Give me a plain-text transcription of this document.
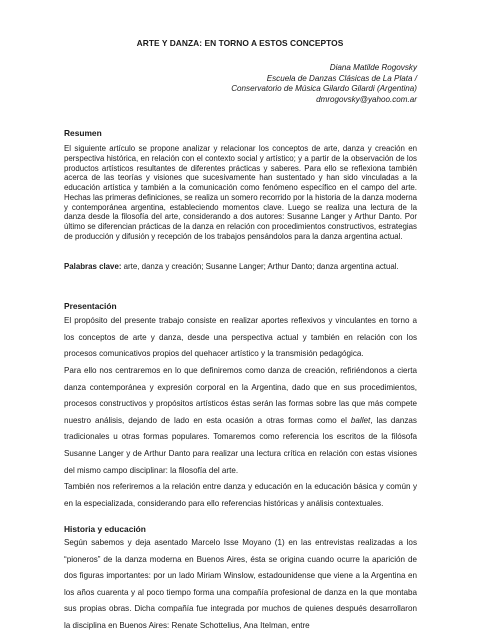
ARTE Y DANZA: EN TORNO A ESTOS CONCEPTOS
Diana Matilde Rogovsky
Escuela de Danzas Clásicas de La Plata /
Conservatorio de Música Gilardo Gilardi (Argentina)
dmrogovsky@yahoo.com.ar
Resumen

El siguiente artículo se propone analizar y relacionar los conceptos de arte, danza y creación en perspectiva histórica, en relación con el contexto social y artístico; y a partir de la observación de los productos artísticos resultantes de diferentes prácticas y saberes. Para ello se reflexiona también acerca de las teorías y visiones que sucesivamente han sustentado y han sido vinculadas a la educación artística y también a la comunicación como fenómeno específico en el campo del arte. Hechas las primeras definiciones, se realiza un somero recorrido por la historia de la danza moderna y contemporánea argentina, estableciendo momentos clave. Luego se realiza una lectura de la danza desde la filosofía del arte, considerando a dos autores: Susanne Langer y Arthur Danto. Por último se diferencian prácticas de la danza en relación con procedimientos constructivos, estrategias de producción y difusión y recepción de los trabajos pensándolos para la danza argentina actual.

Palabras clave: arte, danza y creación; Susanne Langer; Arthur Danto; danza argentina actual.
Presentación

El propósito del presente trabajo consiste en realizar aportes reflexivos y vinculantes en torno a los conceptos de arte y danza, desde una perspectiva actual y también en relación con los procesos comunicativos propios del quehacer artístico y la transmisión pedagógica.

Para ello nos centraremos en lo que definiremos como danza de creación, refiriéndonos a cierta danza contemporánea y expresión corporal en la Argentina, dado que en sus procedimientos, procesos constructivos y propósitos artísticos éstas serán las formas sobre las que más compete nuestro análisis, dejando de lado en esta ocasión a otras formas como el ballet, las danzas tradicionales u otras formas populares. Tomaremos como referencia los escritos de la filósofa Susanne Langer y de Arthur Danto para realizar una lectura crítica en relación con estas visiones del mismo campo disciplinar: la filosofía del arte.

También nos referiremos a la relación entre danza y educación en la educación básica y común y en la especializada, considerando para ello referencias históricas y análisis contextuales.

Historia y educación

Según sabemos y deja asentado Marcelo Isse Moyano (1) en las entrevistas realizadas a los “pioneros” de la danza moderna en Buenos Aires, ésta se origina cuando ocurre la aparición de dos figuras importantes: por un lado Miriam Winslow, estadounidense que viene a la Argentina en los años cuarenta y al poco tiempo forma una compañía profesional de danza en la que montaba sus propias obras. Dicha compañía fue integrada por muchos de quienes después desarrollaron la disciplina en Buenos Aires: Renate Schottelius, Ana Itelman, entre
